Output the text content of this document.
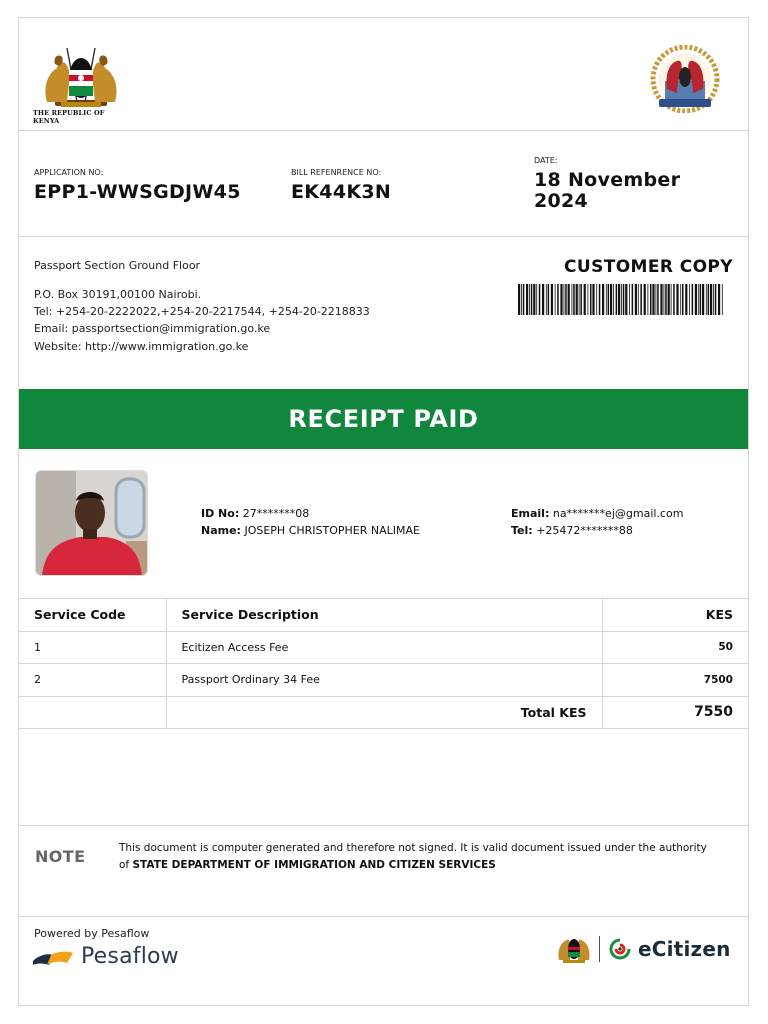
THE REPUBLIC OF KENYA
APPLICATION NO:
EPP1-WWSGDJW45
BILL REFENRENCE NO:
EK44K3N
DATE:
18 November 2024
Passport Section Ground Floor
P.O. Box 30191,00100 Nairobi.
Tel: +254-20-2222022,+254-20-2217544, +254-20-2218833
Email: passportsection@immigration.go.ke
Website: http://www.immigration.go.ke
CUSTOMER COPY
RECEIPT PAID
ID No: 27*******08
Name: JOSEPH CHRISTOPHER NALIMAE
Email: na*******ej@gmail.com
Tel: +25472*******88
Service Code	Service Description	KES
1	Ecitizen Access Fee	50
2	Passport Ordinary 34 Fee	7500
	Total KES	7550
NOTE	This document is computer generated and therefore not signed. It is valid document issued under the authority of STATE DEPARTMENT OF IMMIGRATION AND CITIZEN SERVICES
Powered by Pesaflow
Pesaflow	eCitizen
